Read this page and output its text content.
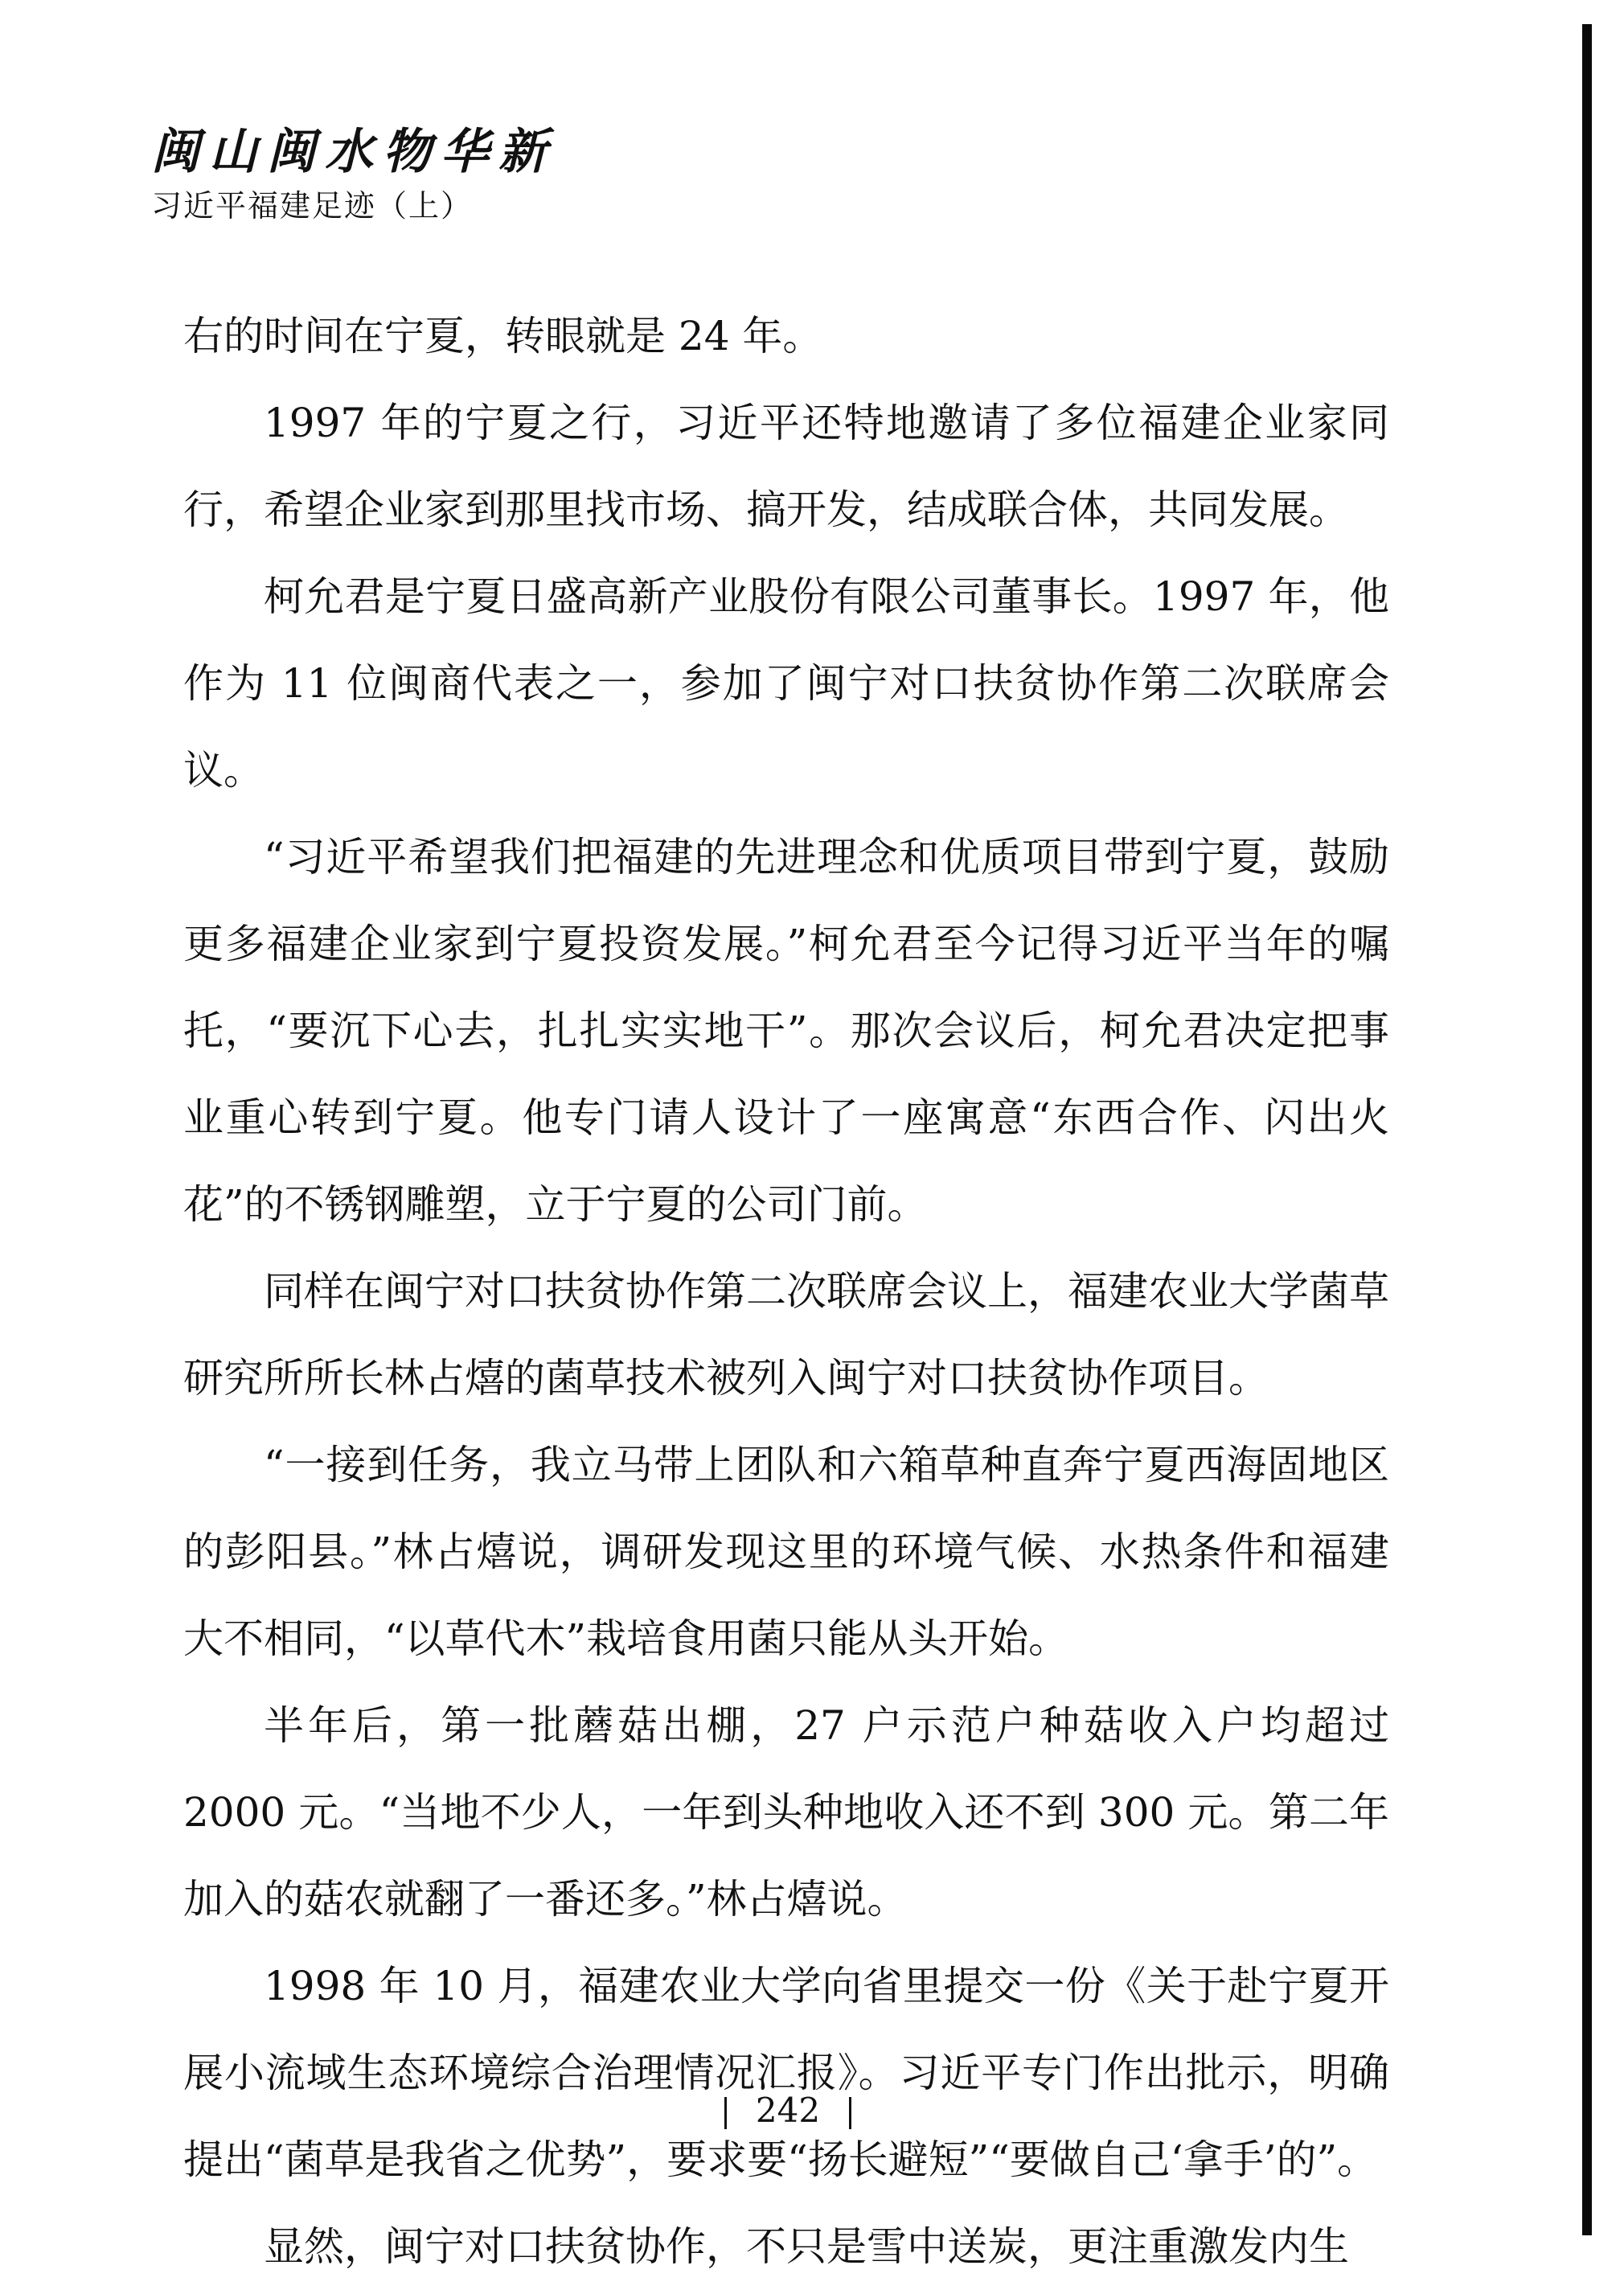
闽山闽水物华新
习近平福建足迹（上）

右的时间在宁夏，转眼就是 24 年。

1997 年的宁夏之行，习近平还特地邀请了多位福建企业家同行，希望企业家到那里找市场、搞开发，结成联合体，共同发展。

柯允君是宁夏日盛高新产业股份有限公司董事长。1997 年，他作为 11 位闽商代表之一，参加了闽宁对口扶贫协作第二次联席会议。

“习近平希望我们把福建的先进理念和优质项目带到宁夏，鼓励更多福建企业家到宁夏投资发展。”柯允君至今记得习近平当年的嘱托，“要沉下心去，扎扎实实地干”。那次会议后，柯允君决定把事业重心转到宁夏。他专门请人设计了一座寓意“东西合作、闪出火花”的不锈钢雕塑，立于宁夏的公司门前。

同样在闽宁对口扶贫协作第二次联席会议上，福建农业大学菌草研究所所长林占熺的菌草技术被列入闽宁对口扶贫协作项目。

“一接到任务，我立马带上团队和六箱草种直奔宁夏西海固地区的彭阳县。”林占熺说，调研发现这里的环境气候、水热条件和福建大不相同，“以草代木”栽培食用菌只能从头开始。

半年后，第一批蘑菇出棚，27 户示范户种菇收入户均超过 2000 元。“当地不少人，一年到头种地收入还不到 300 元。第二年加入的菇农就翻了一番还多。”林占熺说。

1998 年 10 月，福建农业大学向省里提交一份《关于赴宁夏开展小流域生态环境综合治理情况汇报》。习近平专门作出批示，明确提出“菌草是我省之优势”，要求要“扬长避短”“要做自己‘拿手’的”。

显然，闽宁对口扶贫协作，不只是雪中送炭，更注重激发内生

242
